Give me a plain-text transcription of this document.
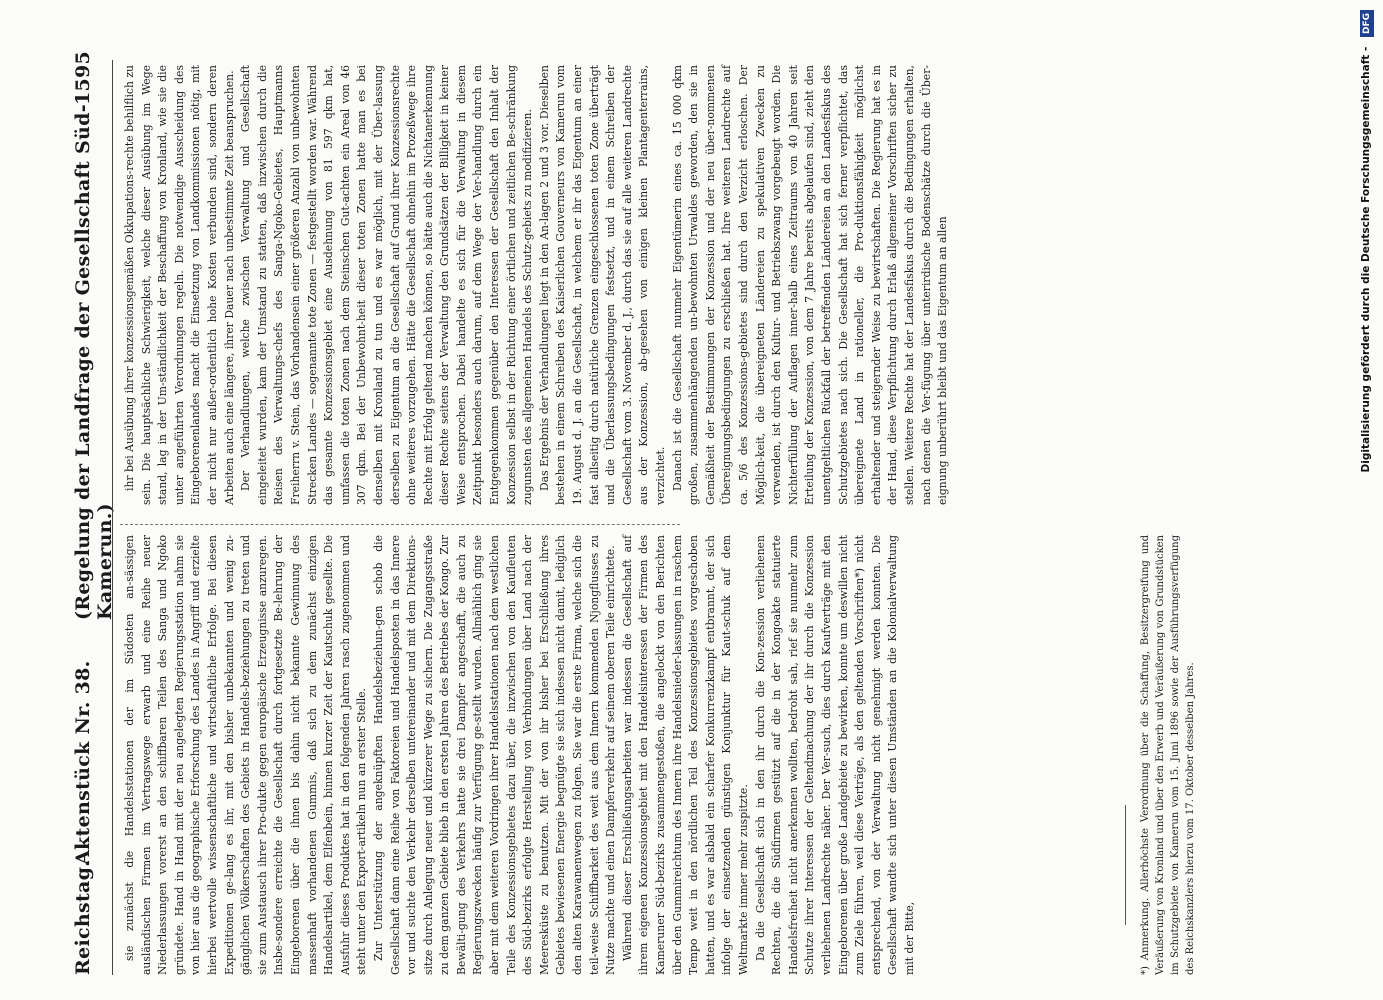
Reichstag.
Aktenstück Nr. 38.
(Regelung der Landfrage der Gesellschaft Süd-Kamerun.)
1595

sie zunächst die Handelsstationen der im Südosten an-sässigen ausländischen Firmen im Vertragswege erwarb und eine Reihe neuer Niederlassungen vorerst an den schiffbaren Teilen des Sanga und Ngoko gründete. Hand in Hand mit der neu angelegten Regierungsstation nahm sie von hier aus die geographische Erforschung des Landes in Angriff und erzielte hierbei wertvolle wissenschaftliche und wirtschaftliche Erfolge. Bei diesen Expeditionen ge-lang es ihr, mit den bisher unbekannten und wenig zu-gänglichen Völkerschaften des Gebiets in Handels-beziehungen zu treten und sie zum Austausch ihrer Pro-dukte gegen europäische Erzeugnisse anzuregen. Insbe-sondere erreichte die Gesellschaft durch fortgesetzte Be-lehrung der Eingeborenen über die ihnen bis dahin nicht bekannte Gewinnung des massenhaft vorhandenen Gummis, daß sich zu dem zunächst einzigen Handelsartikel, dem Elfenbein, binnen kurzer Zeit der Kautschuk gesellte. Die Ausfuhr dieses Produktes hat in den folgenden Jahren rasch zugenommen und steht unter den Export-artikeln nun an erster Stelle. Zur Unterstützung der angeknüpften Handelsbeziehun-gen schob die Gesellschaft dann eine Reihe von Faktoreien und Handelsposten in das Innere vor und suchte den Verkehr derselben untereinander und mit dem Direktions-sitze durch Anlegung neuer und kürzerer Wege zu sichern. Die Zugangsstraße zu dem ganzen Gebiete blieb in den ersten Jahren des Betriebes der Kongo. Zur Bewälti-gung des Verkehrs hatte sie drei Dampfer angeschafft, die auch zu Regierungszwecken häufig zur Verfügung ge-stellt wurden. Allmählich ging sie aber mit dem weiteren Vordringen ihrer Handelsstationen nach dem westlichen Teile des Konzessionsgebietes dazu über, die inzwischen von den Kaufleuten des Süd-bezirks erfolgte Herstellung von Verbindungen über Land nach der Meeresküste zu benutzen. Mit der von ihr bisher bei Erschließung ihres Gebietes bewiesenen Energie begnügte sie sich indessen nicht damit, lediglich den alten Karawanenwegen zu folgen. Sie war die erste Firma, welche sich die teil-weise Schiffbarkeit des weit aus dem Innern kommenden Njongflusses zu Nutze machte und einen Dampferverkehr auf seinem oberen Teile einrichtete. Während dieser Erschließungsarbeiten war indessen die Gesellschaft auf ihrem eigenen Konzessionsgebiet mit den Handelsinteressen der Firmen des Kameruner Süd-bezirks zusammengestoßen, die angelockt von den Berichten über den Gummireichtum des Innern ihre Handelsnieder-lassungen in raschem Tempo weit in den nördlichen Teil des Konzessionsgebietes vorgeschoben hatten, und es war alsbald ein scharfer Konkurrenzkampf entbrannt, der sich infolge der einsetzenden günstigen Konjunktur für Kaut-schuk auf dem Weltmarkte immer mehr zuspitzte. Da die Gesellschaft sich in den ihr durch die Kon-zession verliehenen Rechten, die die Südfirmen gestützt auf die in der Kongoakte statuierte Handelsfreiheit nicht anerkennen wollten, bedroht sah, rief sie nunmehr zum Schutze ihrer Interessen der Geltendmachung der ihr durch die Konzession verliehenen Landrechte näher. Der Ver-such, dies durch Kaufverträge mit den Eingeborenen über große Landgebiete zu bewirken, konnte um deswillen nicht zum Ziele führen, weil diese Verträge, als den geltenden Vorschriften*) nicht entsprechend, von der Verwaltung nicht genehmigt werden konnten. Die Gesellschaft wandte sich unter diesen Umständen an die Kolonialverwaltung mit der Bitte,

ihr bei Ausübung ihrer konzessionsgemäßen Okkupations-rechte behilflich zu sein. Die hauptsächliche Schwierigkeit, welche dieser Ausübung im Wege stand, lag in der Um-ständlichkeit der Beschaffung von Kronland, wie sie die unter angeführten Verordnungen regeln. Die notwendige Ausscheidung des Eingeborenenlandes macht die Einsetzung von Landkommissionen nötig, mit der nicht nur außer-ordentlich hohe Kosten verbunden sind, sondern deren Arbeiten auch eine längere, ihrer Dauer nach unbestimmte Zeit beanspruchen. Der Verhandlungen, welche zwischen Verwaltung und Gesellschaft eingeleitet wurden, kam der Umstand zu statten, daß inzwischen durch die Reisen des Verwaltungs-chefs des Sanga-Ngoko-Gebietes, Hauptmanns Freiherrn v. Stein, das Vorhandensein einer größeren Anzahl von unbewohnten Strecken Landes — sogenannte tote Zonen — festgestellt worden war. Während das gesamte Konzessionsgebiet eine Ausdehnung von 81 597 qkm hat, umfassen die toten Zonen nach dem Steinschen Gut-achten ein Areal von 46 307 qkm. Bei der Unbewohnt-heit dieser toten Zonen hatte man es bei denselben mit Kronland zu tun und es war möglich, mit der Über-lassung derselben zu Eigentum an die Gesellschaft auf Grund ihrer Konzessionsrechte ohne weiteres vorzugehen. Hätte die Gesellschaft ohnehin im Prozeßwege ihre Rechte mit Erfolg geltend machen können, so hätte auch die Nichtanerkennung dieser Rechte seitens der Verwaltung den Grundsätzen der Billigkeit in keiner Weise entsprochen. Dabei handelte es sich für die Verwaltung in diesem Zeitpunkt besonders auch darum, auf dem Wege der Ver-handlung durch ein Entgegenkommen gegenüber den Interessen der Gesellschaft den Inhalt der Konzession selbst in der Richtung einer örtlichen und zeitlichen Be-schränkung zugunsten des allgemeinen Handels des Schutz-gebiets zu modifizieren. Das Ergebnis der Verhandlungen liegt in den An-lagen 2 und 3 vor. Dieselben bestehen in einem Schreiben des Kaiserlichen Gouverneurs von Kamerun vom 19. August d. J. an die Gesellschaft, in welchem er ihr das Eigentum an einer fast allseitig durch natürliche Grenzen eingeschlossenen toten Zone überträgt und die Überlassungsbedingungen festsetzt, und in einem Schreiben der Gesellschaft vom 3. November d. J., durch das sie auf alle weiteren Landrechte aus der Konzession, ab-gesehen von einigen kleinen Plantagenterrains, verzichtet. Danach ist die Gesellschaft nunmehr Eigentümerin eines ca. 15 000 qkm großen, zusammenhängenden un-bewohnten Urwaldes geworden, den sie in Gemäßheit der Bestimmungen der Konzession und der neu über-nommenen Übereignungsbedingungen zu erschließen hat. Ihre weiteren Landrechte auf ca. 5/6 des Konzessions-gebietes sind durch den Verzicht erloschen. Der Möglich-keit, die übereigneten Ländereien zu spekulativen Zwecken zu verwenden, ist durch den Kultur- und Betriebszwang vorgebeugt worden. Die Nichterfüllung der Auflagen inner-halb eines Zeitraums von 40 Jahren seit Erteilung der Konzession, von dem 7 Jahre bereits abgelaufen sind, zieht den unentgeltlichen Rückfall der betreffenden Ländereien an den Landesfiskus des Schutzgebietes nach sich. Die Gesellschaft hat sich ferner verpflichtet, das übereignete Land in rationeller, die Pro-duktionsfähigkeit möglichst erhaltender und steigernder Weise zu bewirtschaften. Die Regierung hat es in der Hand, diese Verpflichtung durch Erlaß allgemeiner Vorschriften sicher zu stellen. Weitere Rechte hat der Landesfiskus durch die Bedingungen erhalten, nach denen die Ver-fügung über unterirdische Bodenschätze durch die Über-eignung unberührt bleibt und das Eigentum an allen

*) Anmerkung. Allerhöchste Verordnung über die Schaffung, Besitzergreifung und Veräußerung von Kronland und über den Erwerb und Veräußerung von Grundstücken im Schutzgebiete von Kamerun vom 15. Juni 1896 sowie der Ausführungsverfügung des Reichskanzlers hierzu vom 17. Oktober desselben Jahres.
Digitalisierung gefördert durch die Deutsche Forschungsgemeinschaft - DFG
